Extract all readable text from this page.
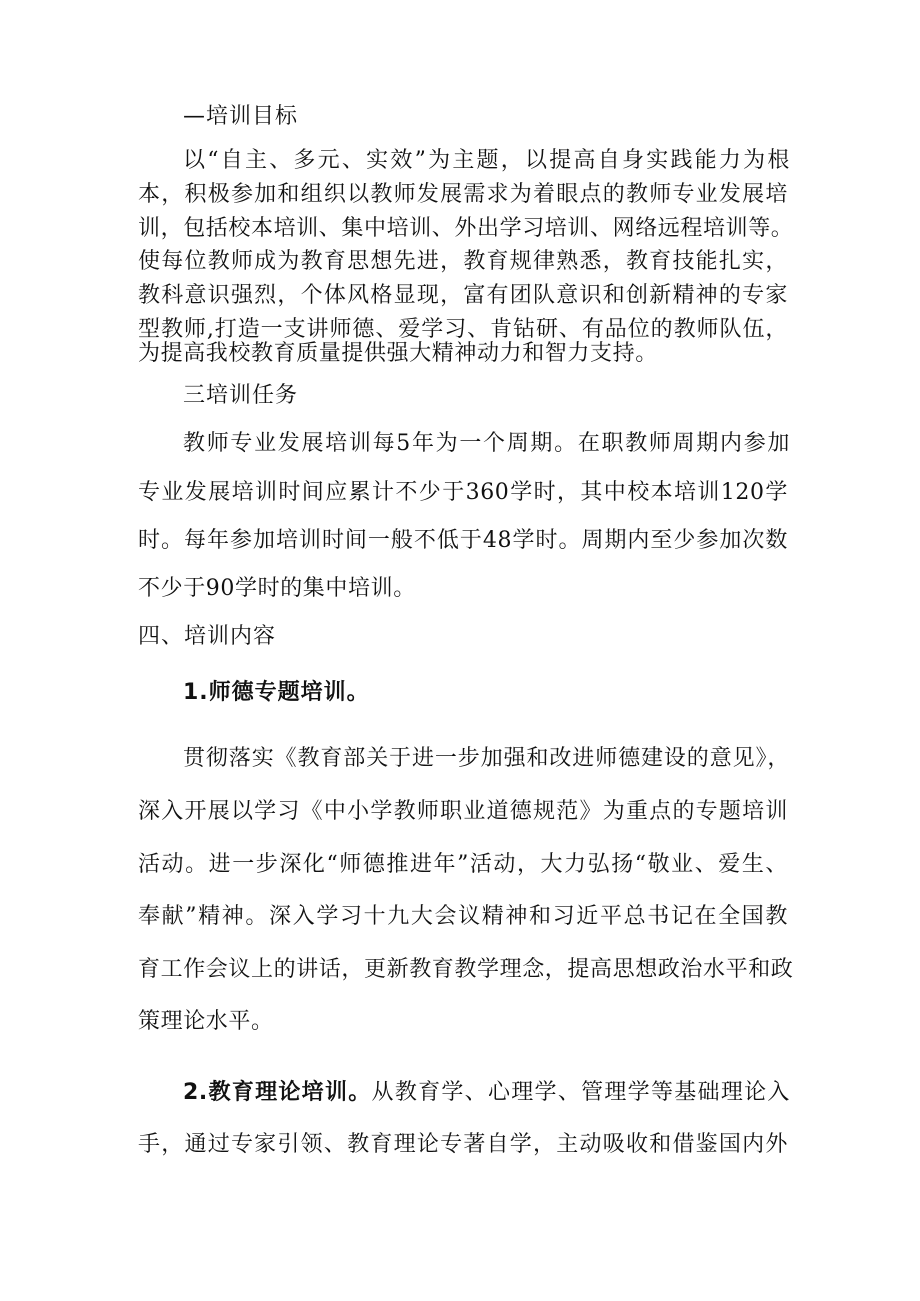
—培训目标
以“自主、多元、实效”为主题，以提高自身实践能力为根
本，积极参加和组织以教师发展需求为着眼点的教师专业发展培
训，包括校本培训、集中培训、外出学习培训、网络远程培训等。
使每位教师成为教育思想先进，教育规律熟悉，教育技能扎实，
教科意识强烈，个体风格显现，富有团队意识和创新精神的专家
型教师,打造一支讲师德、爱学习、肯钻研、有品位的教师队伍，
为提高我校教育质量提供强大精神动力和智力支持。
三培训任务
教师专业发展培训每5年为一个周期。在职教师周期内参加
专业发展培训时间应累计不少于360学时，其中校本培训120学
时。每年参加培训时间一般不低于48学时。周期内至少参加次数
不少于90学时的集中培训。
四、培训内容
1.师德专题培训。
贯彻落实《教育部关于进一步加强和改进师德建设的意见》，
深入开展以学习《中小学教师职业道德规范》为重点的专题培训
活动。进一步深化“师德推进年”活动，大力弘扬“敬业、爱生、
奉献”精神。深入学习十九大会议精神和习近平总书记在全国教
育工作会议上的讲话，更新教育教学理念，提高思想政治水平和政
策理论水平。
2.教育理论培训。从教育学、心理学、管理学等基础理论入
手，通过专家引领、教育理论专著自学，主动吸收和借鉴国内外
